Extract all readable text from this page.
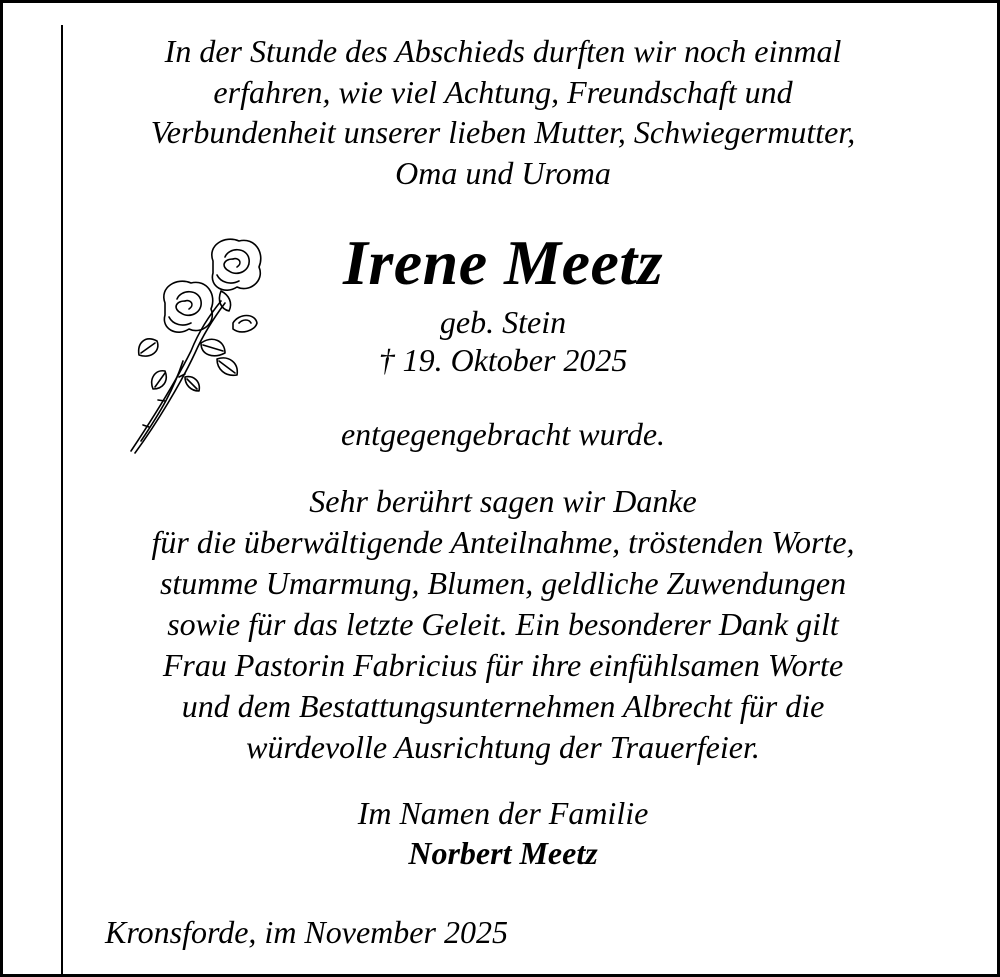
In der Stunde des Abschieds durften wir noch einmal
erfahren, wie viel Achtung, Freundschaft und
Verbundenheit unserer lieben Mutter, Schwiegermutter,
Oma und Uroma
Irene Meetz
geb. Stein
† 19. Oktober 2025
entgegengebracht wurde.
Sehr berührt sagen wir Danke
für die überwältigende Anteilnahme, tröstenden Worte,
stumme Umarmung, Blumen, geldliche Zuwendungen
sowie für das letzte Geleit. Ein besonderer Dank gilt
Frau Pastorin Fabricius für ihre einfühlsamen Worte
und dem Bestattungsunternehmen Albrecht für die
würdevolle Ausrichtung der Trauerfeier.
Im Namen der Familie
Norbert Meetz
Kronsforde, im November 2025
